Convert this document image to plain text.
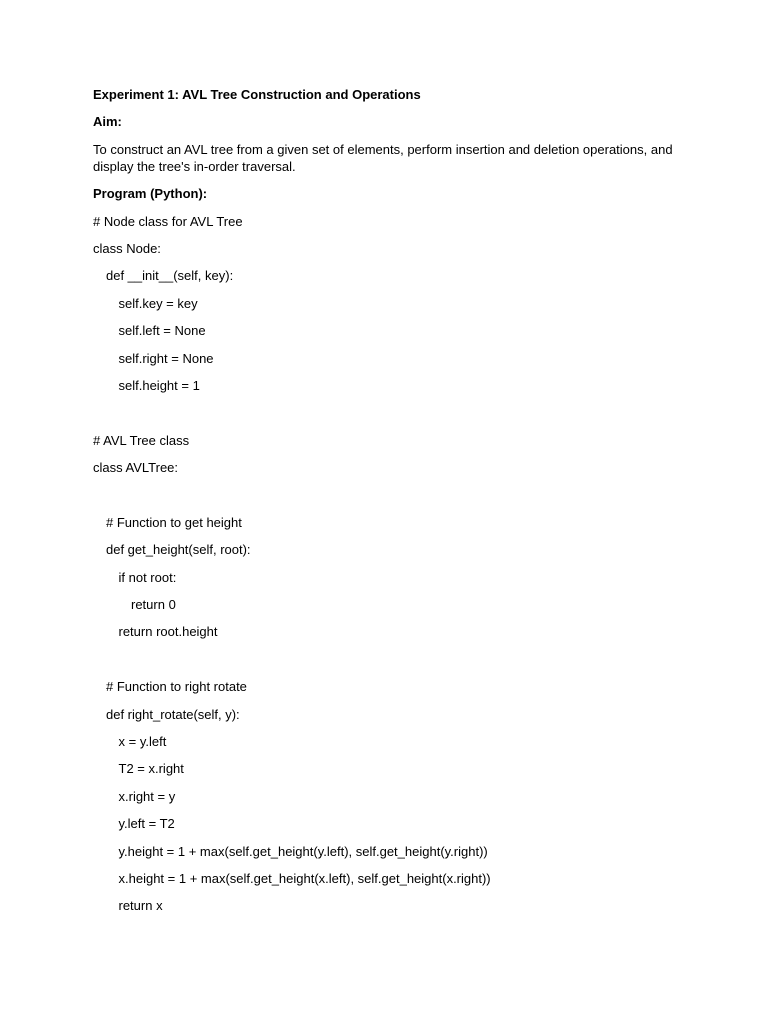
Experiment 1: AVL Tree Construction and Operations
Aim:

To construct an AVL tree from a given set of elements, perform insertion and deletion operations, and display the tree's in-order traversal.

Program (Python):
# Node class for AVL Tree
class Node:
def __init__(self, key):
self.key = key
self.left = None
self.right = None
self.height = 1
# AVL Tree class
class AVLTree:
# Function to get height
def get_height(self, root):
if not root:
return 0
return root.height
# Function to right rotate
def right_rotate(self, y):
x = y.left
T2 = x.right
x.right = y
y.left = T2
y.height = 1 + max(self.get_height(y.left), self.get_height(y.right))
x.height = 1 + max(self.get_height(x.left), self.get_height(x.right))
return x
